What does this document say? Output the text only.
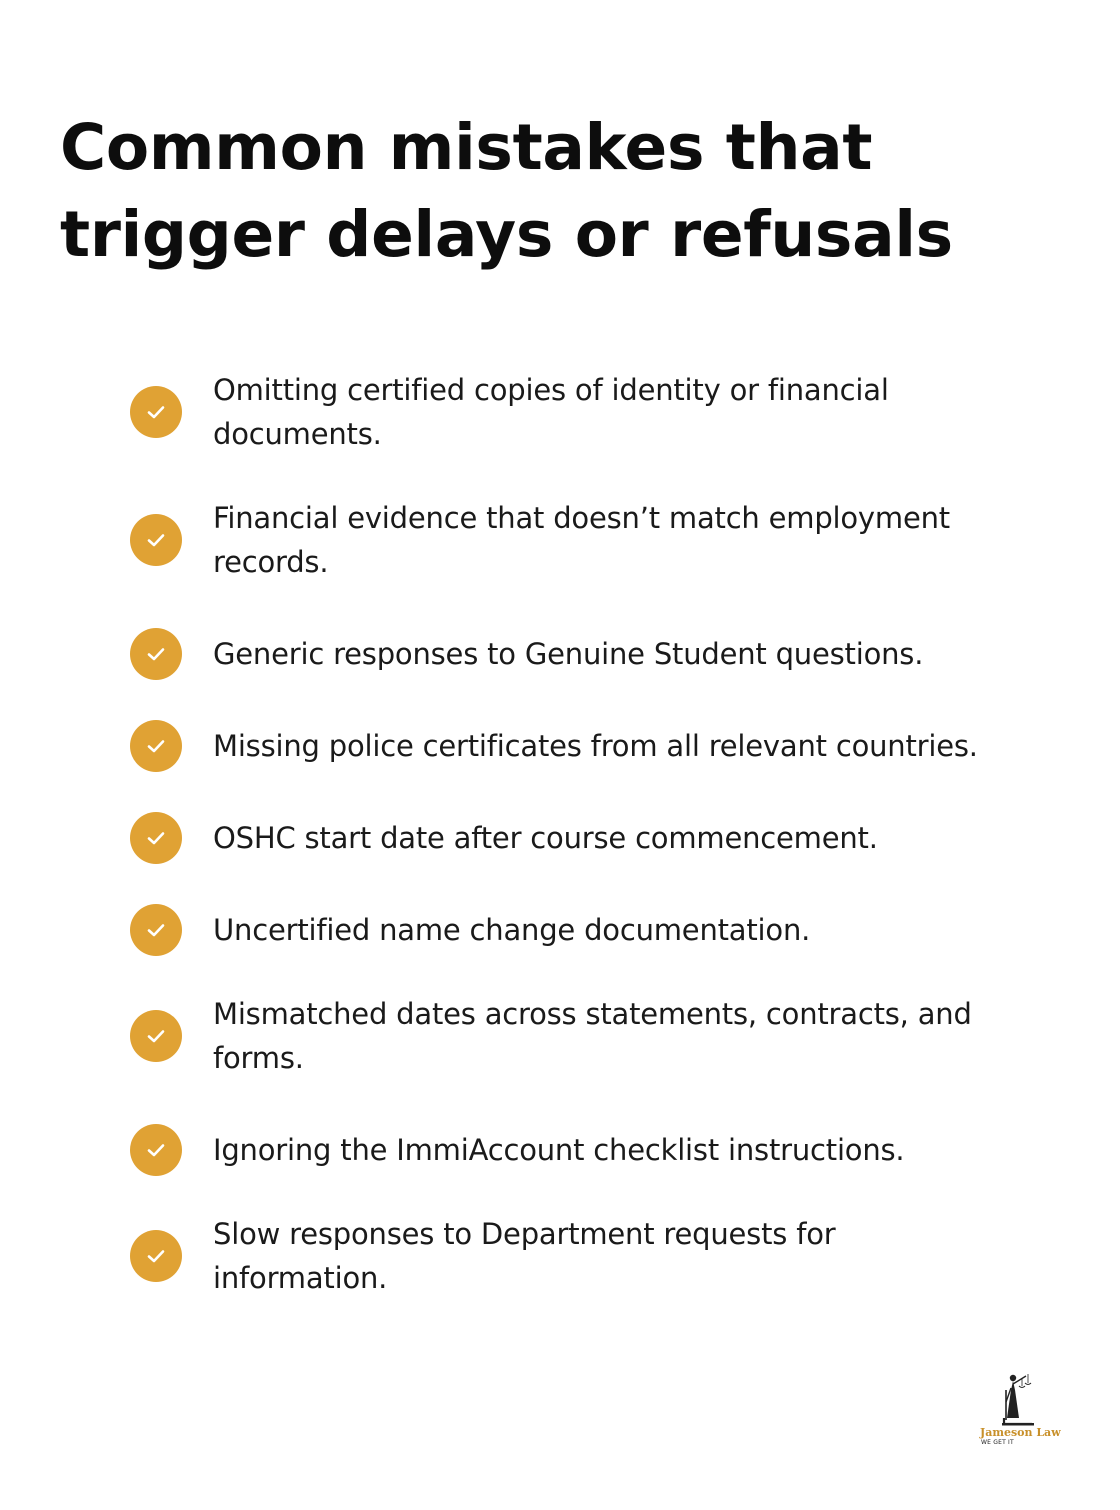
Common mistakes that trigger delays or refusals
Omitting certified copies of identity or financial documents.
Financial evidence that doesn’t match employment records.
Generic responses to Genuine Student questions.
Missing police certificates from all relevant countries.
OSHC start date after course commencement.
Uncertified name change documentation.
Mismatched dates across statements, contracts, and forms.
Ignoring the ImmiAccount checklist instructions.
Slow responses to Department requests for information.
Jameson Law
WE GET IT
